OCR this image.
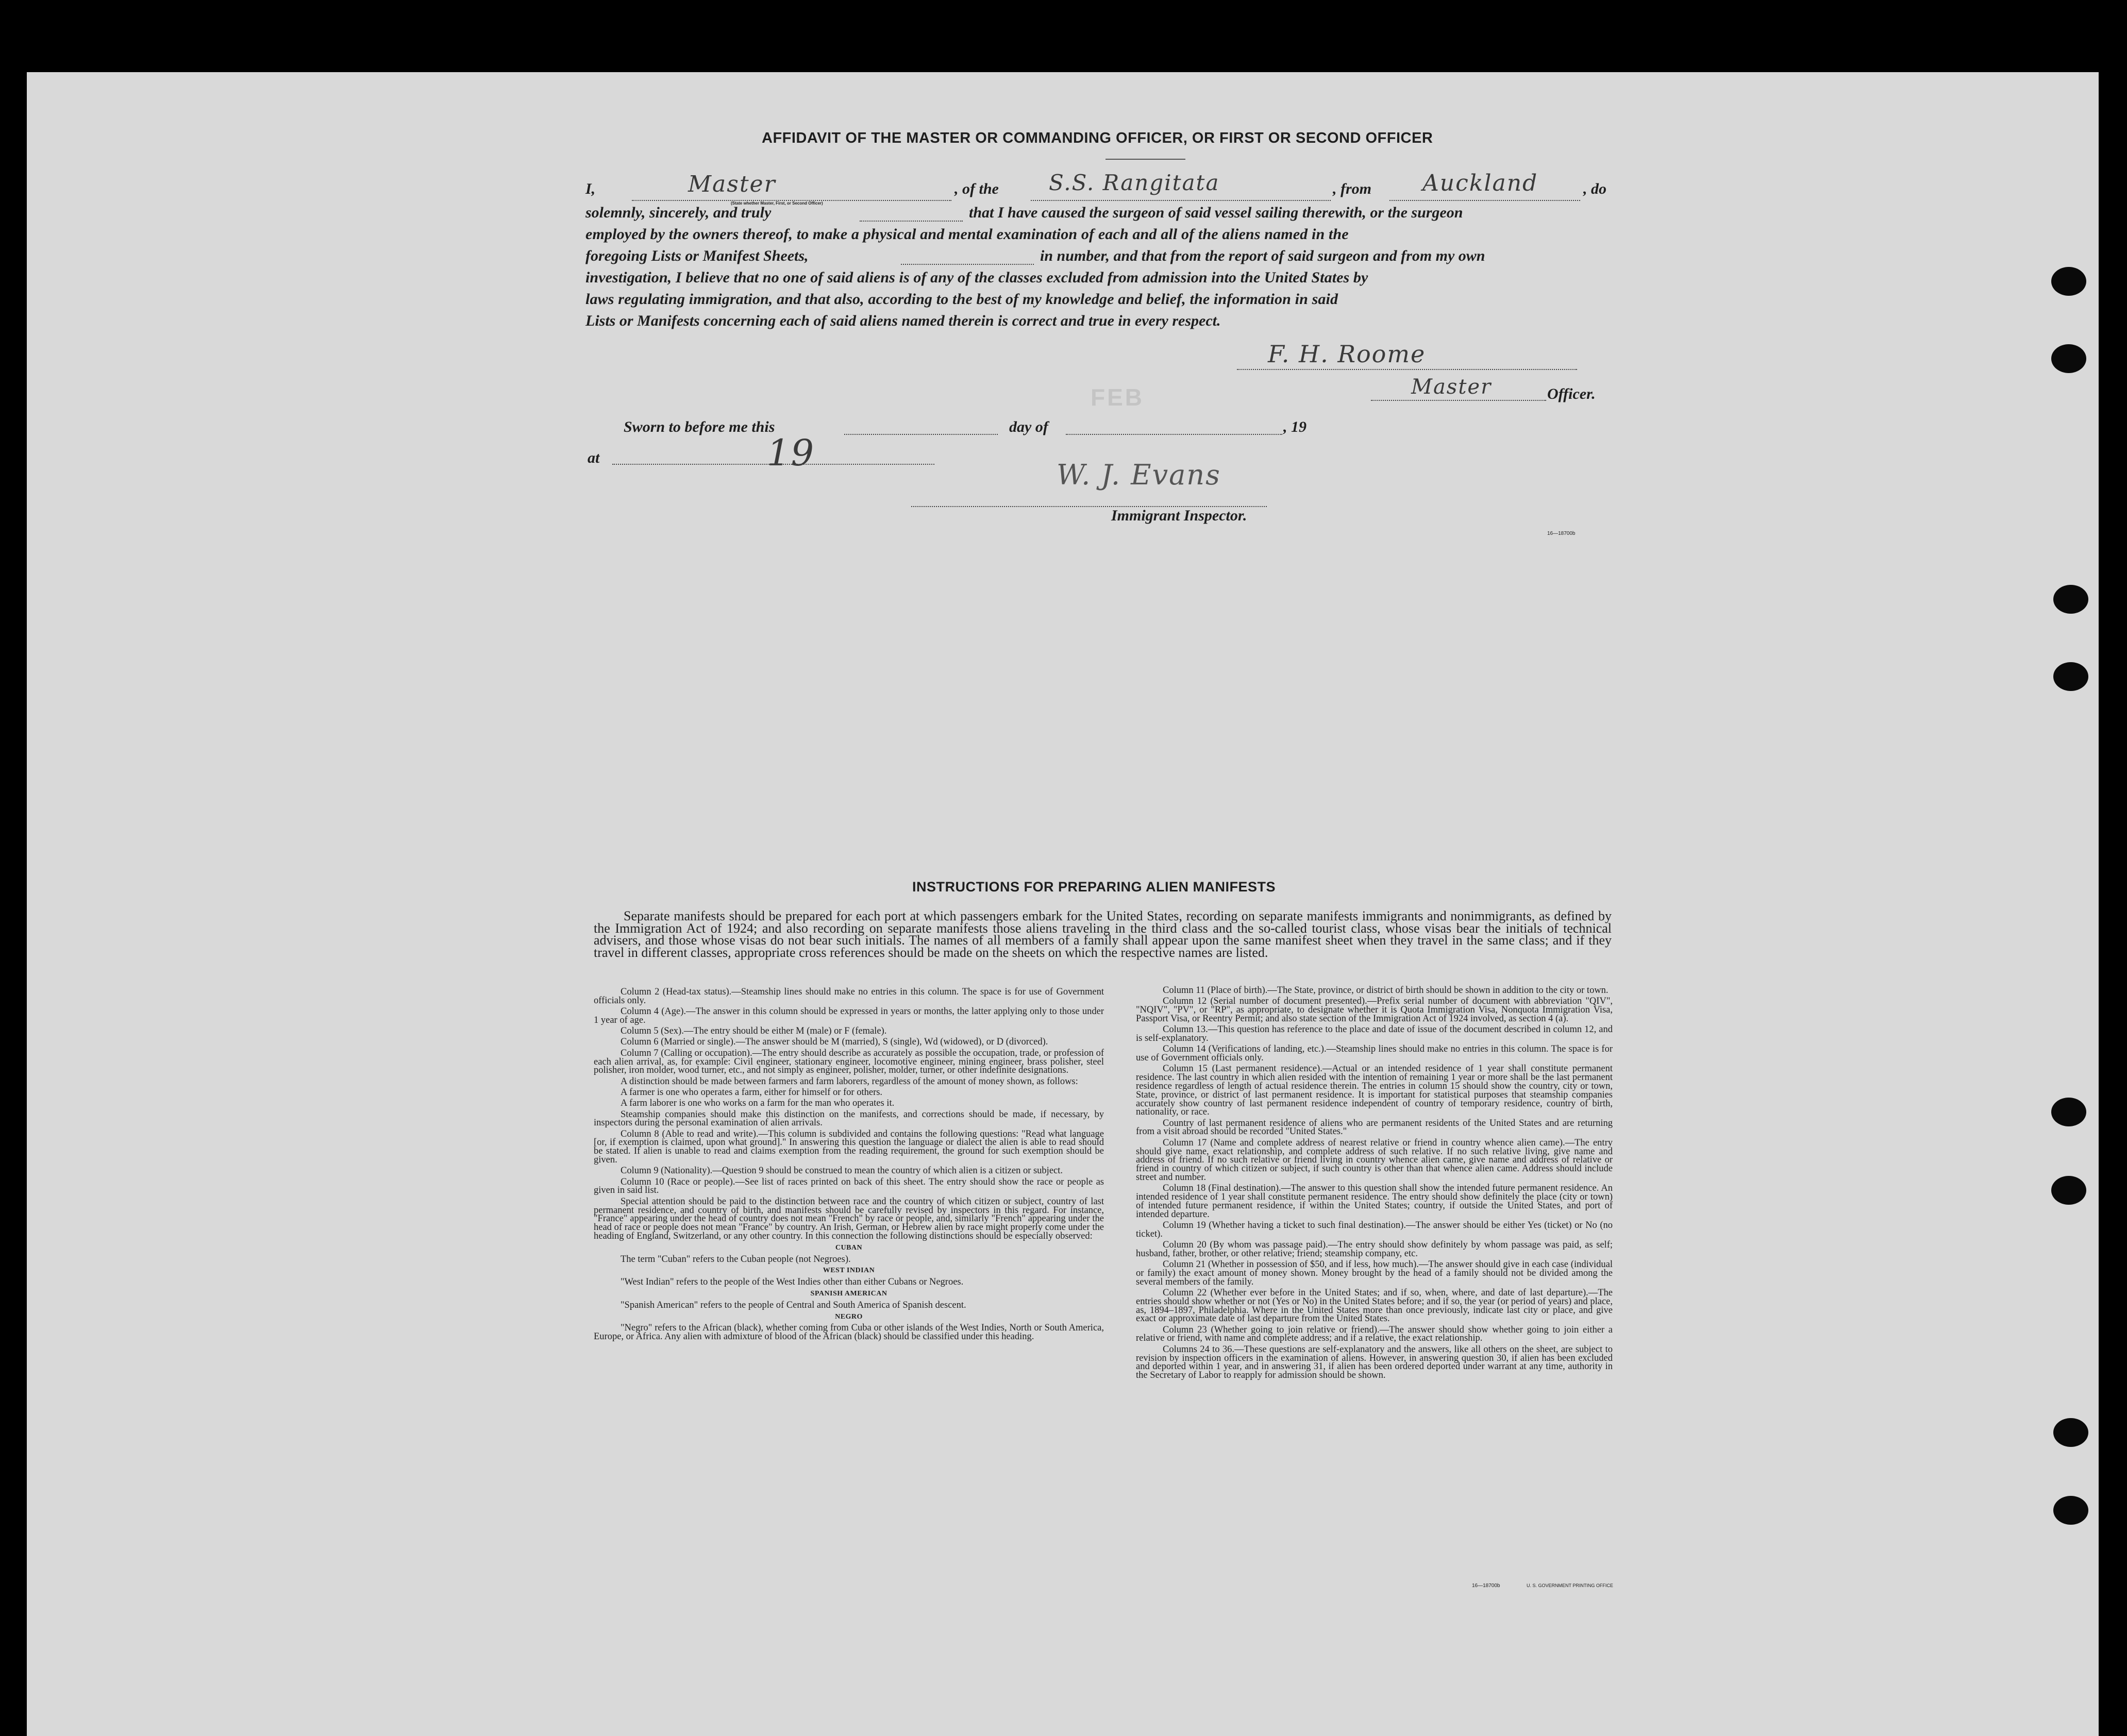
AFFIDAVIT OF THE MASTER OR COMMANDING OFFICER, OR FIRST OR SECOND OFFICER
I,	Master
(State whether Master, First, or Second Officer)
, of the S.S. Rangitata	, from Auckland	, do
solemnly, sincerely, and truly	that I have caused the surgeon of said vessel sailing therewith, or the surgeon
employed by the owners thereof, to make a physical and mental examination of each and all of the aliens named in the
foregoing Lists or Manifest Sheets,	in number, and that from the report of said surgeon and from my own
investigation, I believe that no one of said aliens is of any of the classes excluded from admission into the United States by
laws regulating immigration, and that also, according to the best of my knowledge and belief, the information in said
Lists or Manifests concerning each of said aliens named therein is correct and true in every respect.
F. H. Roome
Master	Officer.
FEB
Sworn to before me this	day of	, 19
19
at
W. J. Evans
Immigrant Inspector.
16—18700b
INSTRUCTIONS FOR PREPARING ALIEN MANIFESTS
Separate manifests should be prepared for each port at which passengers embark for the United States, recording on separate manifests immigrants and nonimmigrants, as defined by the Immigration Act of 1924; and also recording on separate manifests those aliens traveling in the third class and the so-called tourist class, whose visas bear the initials of technical advisers, and those whose visas do not bear such initials. The names of all members of a family shall appear upon the same manifest sheet when they travel in the same class; and if they travel in different classes, appropriate cross references should be made on the sheets on which the respective names are listed.

Column 2 (Head-tax status).—Steamship lines should make no entries in this column. The space is for use of Government officials only.

Column 4 (Age).—The answer in this column should be expressed in years or months, the latter applying only to those under 1 year of age.

Column 5 (Sex).—The entry should be either M (male) or F (female).

Column 6 (Married or single).—The answer should be M (married), S (single), Wd (widowed), or D (divorced).

Column 7 (Calling or occupation).—The entry should describe as accurately as possible the occupation, trade, or profession of each alien arrival, as, for example: Civil engineer, stationary engineer, locomotive engineer, mining engineer, brass polisher, steel polisher, iron molder, wood turner, etc., and not simply as engineer, polisher, molder, turner, or other indefinite designations.

A distinction should be made between farmers and farm laborers, regardless of the amount of money shown, as follows:

A farmer is one who operates a farm, either for himself or for others.

A farm laborer is one who works on a farm for the man who operates it.

Steamship companies should make this distinction on the manifests, and corrections should be made, if necessary, by inspectors during the personal examination of alien arrivals.

Column 8 (Able to read and write).—This column is subdivided and contains the following questions: "Read what language [or, if exemption is claimed, upon what ground]." In answering this question the language or dialect the alien is able to read should be stated. If alien is unable to read and claims exemption from the reading requirement, the ground for such exemption should be given.

Column 9 (Nationality).—Question 9 should be construed to mean the country of which alien is a citizen or subject.

Column 10 (Race or people).—See list of races printed on back of this sheet. The entry should show the race or people as given in said list.

Special attention should be paid to the distinction between race and the country of which citizen or subject, country of last permanent residence, and country of birth, and manifests should be carefully revised by inspectors in this regard. For instance, "France" appearing under the head of country does not mean "French" by race or people, and, similarly "French" appearing under the head of race or people does not mean "France" by country. An Irish, German, or Hebrew alien by race might properly come under the heading of England, Switzerland, or any other country. In this connection the following distinctions should be especially observed:

CUBAN

The term "Cuban" refers to the Cuban people (not Negroes).

WEST INDIAN

"West Indian" refers to the people of the West Indies other than either Cubans or Negroes.

SPANISH AMERICAN

"Spanish American" refers to the people of Central and South America of Spanish descent.

NEGRO

"Negro" refers to the African (black), whether coming from Cuba or other islands of the West Indies, North or South America, Europe, or Africa. Any alien with admixture of blood of the African (black) should be classified under this heading.

Column 11 (Place of birth).—The State, province, or district of birth should be shown in addition to the city or town.

Column 12 (Serial number of document presented).—Prefix serial number of document with abbreviation "QIV", "NQIV", "PV", or "RP", as appropriate, to designate whether it is Quota Immigration Visa, Nonquota Immigration Visa, Passport Visa, or Reentry Permit; and also state section of the Immigration Act of 1924 involved, as section 4 (a).

Column 13.—This question has reference to the place and date of issue of the document described in column 12, and is self-explanatory.

Column 14 (Verifications of landing, etc.).—Steamship lines should make no entries in this column. The space is for use of Government officials only.

Column 15 (Last permanent residence).—Actual or an intended residence of 1 year shall constitute permanent residence. The last country in which alien resided with the intention of remaining 1 year or more shall be the last permanent residence regardless of length of actual residence therein. The entries in column 15 should show the country, city or town, State, province, or district of last permanent residence. It is important for statistical purposes that steamship companies accurately show country of last permanent residence independent of country of temporary residence, country of birth, nationality, or race.

Country of last permanent residence of aliens who are permanent residents of the United States and are returning from a visit abroad should be recorded "United States."

Column 17 (Name and complete address of nearest relative or friend in country whence alien came).—The entry should give name, exact relationship, and complete address of such relative. If no such relative living, give name and address of friend. If no such relative or friend living in country whence alien came, give name and address of relative or friend in country of which citizen or subject, if such country is other than that whence alien came. Address should include street and number.

Column 18 (Final destination).—The answer to this question shall show the intended future permanent residence. An intended residence of 1 year shall constitute permanent residence. The entry should show definitely the place (city or town) of intended future permanent residence, if within the United States; country, if outside the United States, and port of intended departure.

Column 19 (Whether having a ticket to such final destination).—The answer should be either Yes (ticket) or No (no ticket).

Column 20 (By whom was passage paid).—The entry should show definitely by whom passage was paid, as self; husband, father, brother, or other relative; friend; steamship company, etc.

Column 21 (Whether in possession of $50, and if less, how much).—The answer should give in each case (individual or family) the exact amount of money shown. Money brought by the head of a family should not be divided among the several members of the family.

Column 22 (Whether ever before in the United States; and if so, when, where, and date of last departure).—The entries should show whether or not (Yes or No) in the United States before; and if so, the year (or period of years) and place, as, 1894–1897, Philadelphia. Where in the United States more than once previously, indicate last city or place, and give exact or approximate date of last departure from the United States.

Column 23 (Whether going to join relative or friend).—The answer should show whether going to join either a relative or friend, with name and complete address; and if a relative, the exact relationship.

Columns 24 to 36.—These questions are self-explanatory and the answers, like all others on the sheet, are subject to revision by inspection officers in the examination of aliens. However, in answering question 30, if alien has been excluded and deported within 1 year, and in answering 31, if alien has been ordered deported under warrant at any time, authority in the Secretary of Labor to reapply for admission should be shown.

16—18700b	U. S. GOVERNMENT PRINTING OFFICE
